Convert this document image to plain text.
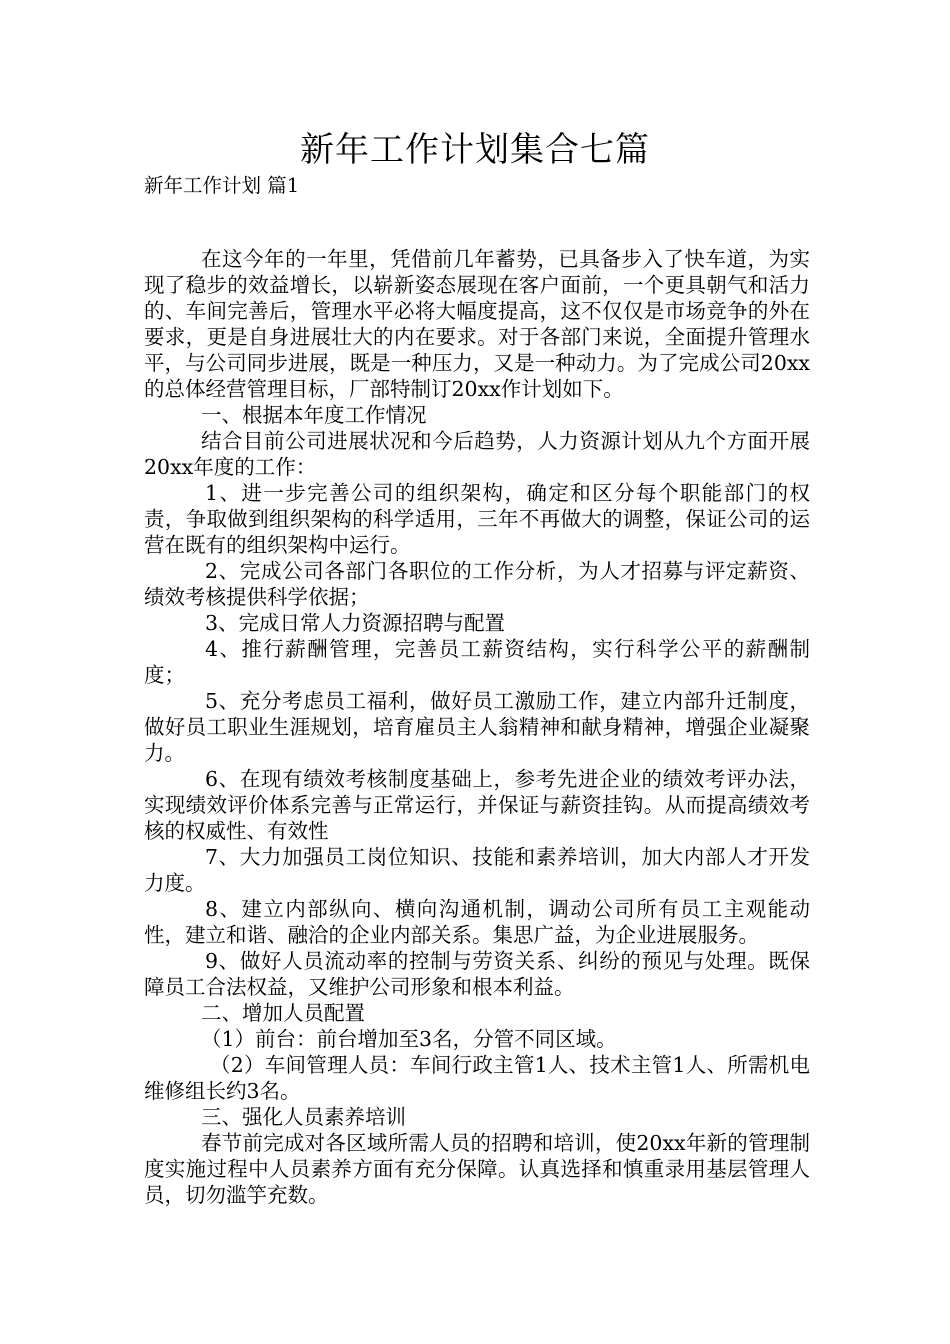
新年工作计划集合七篇
新年工作计划 篇1

在这今年的一年里，凭借前几年蓄势，已具备步入了快车道，为实现了稳步的效益增长，以崭新姿态展现在客户面前，一个更具朝气和活力的、车间完善后，管理水平必将大幅度提高，这不仅仅是市场竞争的外在要求，更是自身进展壮大的内在要求。对于各部门来说，全面提升管理水平，与公司同步进展，既是一种压力，又是一种动力。为了完成公司20xx的总体经营管理目标，厂部特制订20xx作计划如下。

一、根据本年度工作情况

结合目前公司进展状况和今后趋势，人力资源计划从九个方面开展20xx年度的工作：

1、进一步完善公司的组织架构，确定和区分每个职能部门的权责，争取做到组织架构的科学适用，三年不再做大的调整，保证公司的运营在既有的组织架构中运行。

2、完成公司各部门各职位的工作分析，为人才招募与评定薪资、绩效考核提供科学依据；

3、完成日常人力资源招聘与配置

4、推行薪酬管理，完善员工薪资结构，实行科学公平的薪酬制度；

5、充分考虑员工福利，做好员工激励工作，建立内部升迁制度，做好员工职业生涯规划，培育雇员主人翁精神和献身精神，增强企业凝聚力。

6、在现有绩效考核制度基础上，参考先进企业的绩效考评办法，实现绩效评价体系完善与正常运行，并保证与薪资挂钩。从而提高绩效考核的权威性、有效性

7、大力加强员工岗位知识、技能和素养培训，加大内部人才开发力度。

8、建立内部纵向、横向沟通机制，调动公司所有员工主观能动性，建立和谐、融洽的企业内部关系。集思广益，为企业进展服务。

9、做好人员流动率的控制与劳资关系、纠纷的预见与处理。既保障员工合法权益，又维护公司形象和根本利益。

二、增加人员配置

（1）前台：前台增加至3名，分管不同区域。

（2）车间管理人员：车间行政主管1人、技术主管1人、所需机电维修组长约3名。

三、强化人员素养培训

春节前完成对各区域所需人员的招聘和培训，使20xx年新的管理制度实施过程中人员素养方面有充分保障。认真选择和慎重录用基层管理人员，切勿滥竽充数。
